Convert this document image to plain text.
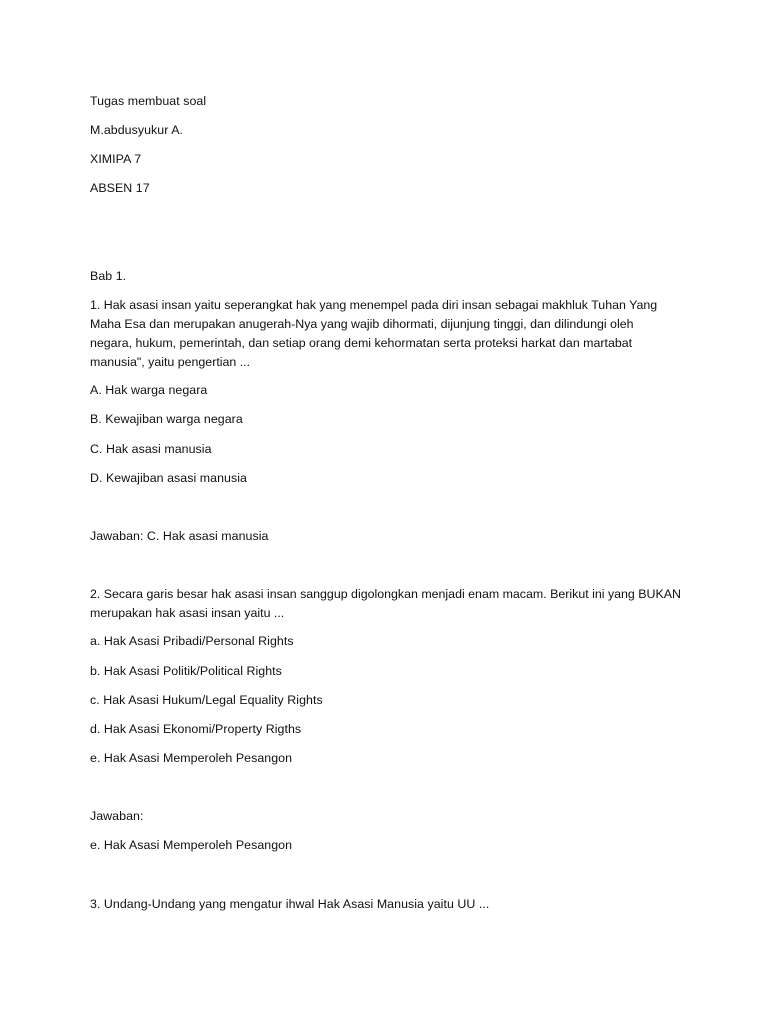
Tugas membuat soal
M.abdusyukur A.
XIMIPA 7
ABSEN 17
Bab 1.
1. Hak asasi insan yaitu seperangkat hak yang menempel pada diri insan sebagai makhluk Tuhan Yang
Maha Esa dan merupakan anugerah-Nya yang wajib dihormati, dijunjung tinggi, dan dilindungi oleh
negara, hukum, pemerintah, dan setiap orang demi kehormatan serta proteksi harkat dan martabat
manusia", yaitu pengertian ...
A. Hak warga negara
B. Kewajiban warga negara
C. Hak asasi manusia
D. Kewajiban asasi manusia
Jawaban: C. Hak asasi manusia
2. Secara garis besar hak asasi insan sanggup digolongkan menjadi enam macam. Berikut ini yang BUKAN
merupakan hak asasi insan yaitu ...
a. Hak Asasi Pribadi/Personal Rights
b. Hak Asasi Politik/Political Rights
c. Hak Asasi Hukum/Legal Equality Rights
d. Hak Asasi Ekonomi/Property Rigths
e. Hak Asasi Memperoleh Pesangon
Jawaban:
e. Hak Asasi Memperoleh Pesangon
3. Undang-Undang yang mengatur ihwal Hak Asasi Manusia yaitu UU ...
